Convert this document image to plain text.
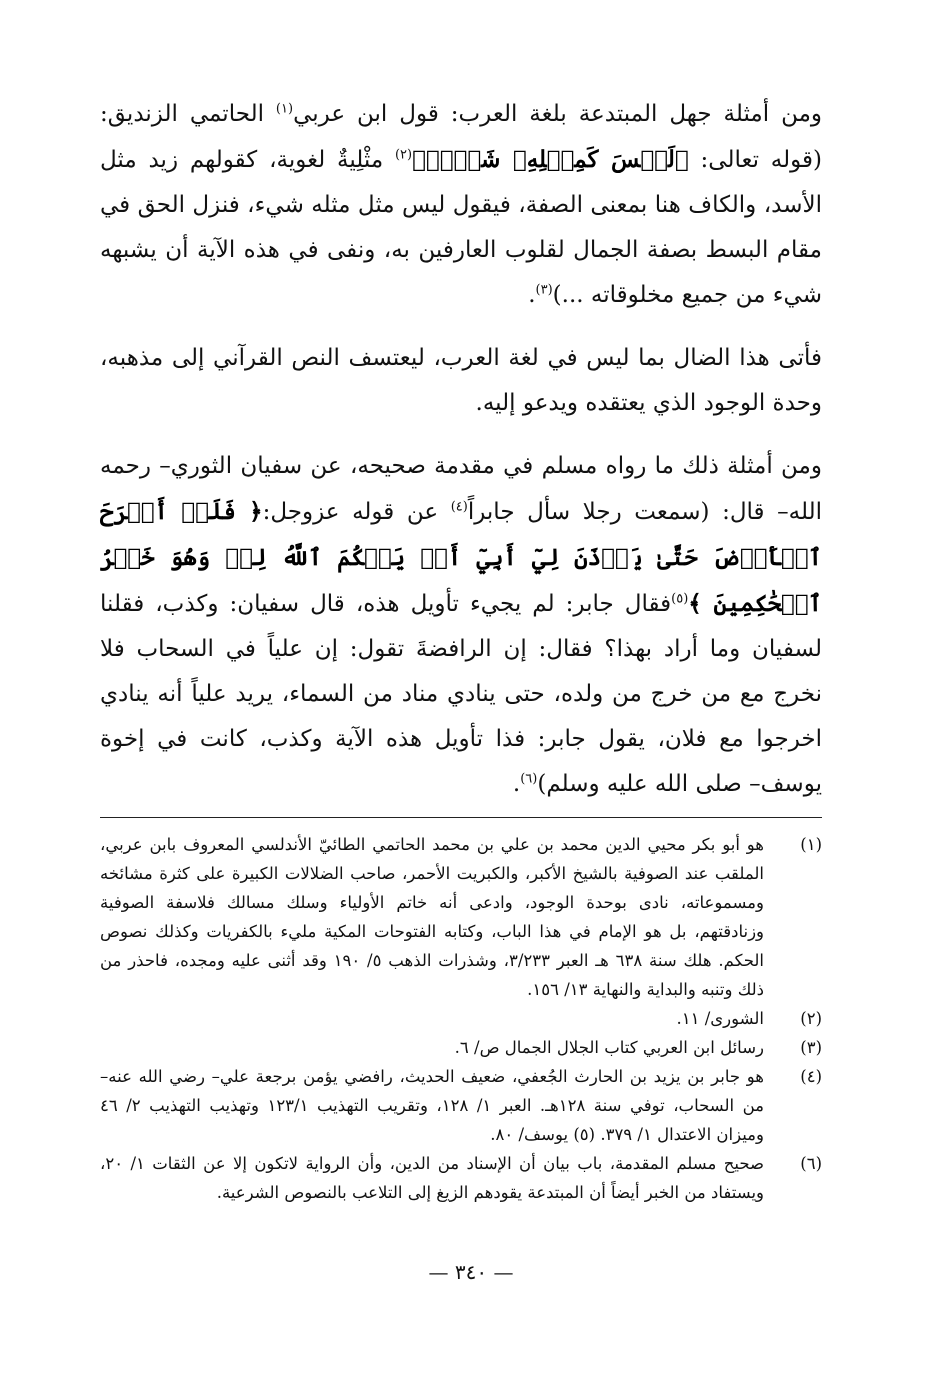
ومن أمثلة جهل المبتدعة بلغة العرب: قول ابن عربي$^{(١)}$ الحاتمي الزنديق: (قوله تعالى: ﴿لَيۡسَ كَمِثۡلِهِۦ شَيۡءٞ﴾$^{(٢)}$ مثْلِيةٌ لغوية، كقولهم زيد مثل الأسد، والكاف هنا بمعنى الصفة، فيقول ليس مثل مثله شيء، فنزل الحق في مقام البسط بصفة الجمال لقلوب العارفين به، ونفى في هذه الآية أن يشبهه شيء من جميع مخلوقاته ...)$^{(٣)}$.

فأتى هذا الضال بما ليس في لغة العرب، ليعتسف النص القرآني إلى مذهبه، وحدة الوجود الذي يعتقده ويدعو إليه.

ومن أمثلة ذلك ما رواه مسلم في مقدمة صحيحه، عن سفيان الثوري– رحمه الله– قال: (سمعت رجلا سأل جابراً$^{(٤)}$ عن قوله عزوجل:﴿ فَلَنۡ أَبۡرَحَ ٱلۡأَرۡضَ حَتَّىٰ يَأۡذَنَ لِيٓ أَبِيٓ أَوۡ يَحۡكُمَ ٱللَّهُ لِيۖ وَهُوَ خَيۡرُ ٱلۡحَٰكِمِينَ ﴾$^{(٥)}$فقال جابر: لم يجيء تأويل هذه، قال سفيان: وكذب، فقلنا لسفيان وما أراد بهذا؟ فقال: إن الرافضةَ تقول: إن علياً في السحاب فلا نخرج مع من خرج من ولده، حتى ينادي مناد من السماء، يريد علياً أنه ينادي اخرجوا مع فلان، يقول جابر: فذا تأويل هذه الآية وكذب، كانت في إخوة يوسف– صلى الله عليه وسلم)$^{(٦)}$.

(١)
هو أبو بكر محيي الدين محمد بن علي بن محمد الحاتمي الطائيّ الأندلسي المعروف بابن عربي، الملقب عند الصوفية بالشيخ الأكبر، والكبريت الأحمر، صاحب الضلالات الكبيرة على كثرة مشائخه ومسموعاته، نادى بوحدة الوجود، وادعى أنه خاتم الأولياء وسلك مسالك فلاسفة الصوفية وزنادقتهم، بل هو الإمام في هذا الباب، وكتابه الفتوحات المكية مليء بالكفريات وكذلك نصوص الحكم. هلك سنة ٦٣٨ هـ العبر ٣/٢٣٣، وشذرات الذهب ٥/ ١٩٠ وقد أثنى عليه ومجده، فاحذر من ذلك وتنبه والبداية والنهاية ١٣/ ١٥٦.
(٢)
الشورى/ ١١.
(٣)
رسائل ابن العربي كتاب الجلال الجمال ص/ ٦.
(٤)
هو جابر بن يزيد بن الحارث الجُعفي، ضعيف الحديث، رافضي يؤمن برجعة علي– رضي الله عنه– من السحاب، توفي سنة ١٢٨هـ. العبر ١/ ١٢٨، وتقريب التهذيب ١٢٣/١ وتهذيب التهذيب ٢/ ٤٦ وميزان الاعتدال ١/ ٣٧٩. (٥) يوسف/ ٨٠.
(٦)
صحيح مسلم المقدمة، باب بيان أن الإسناد من الدين، وأن الرواية لاتكون إلا عن الثقات ١/ ٢٠، ويستفاد من الخبر أيضاً أن المبتدعة يقودهم الزيغ إلى التلاعب بالنصوص الشرعية.
— ٣٤٠ —
